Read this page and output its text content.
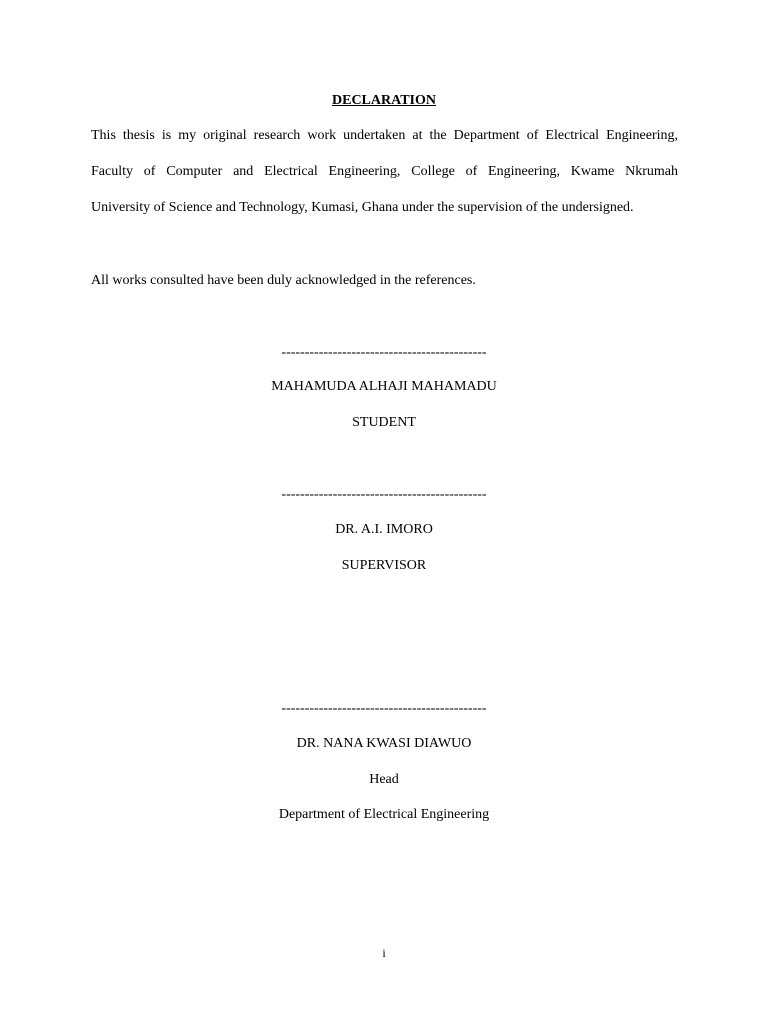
DECLARATION

This thesis is my original research work undertaken at the Department of Electrical Engineering,
Faculty of Computer and Electrical Engineering, College of Engineering, Kwame Nkrumah
University of Science and Technology, Kumasi, Ghana under the supervision of the undersigned.

All works consulted have been duly acknowledged in the references.

--------------------------------------------
MAHAMUDA ALHAJI MAHAMADU
STUDENT
--------------------------------------------
DR. A.I. IMORO
SUPERVISOR
--------------------------------------------
DR. NANA KWASI DIAWUO
Head
Department of Electrical Engineering
i
